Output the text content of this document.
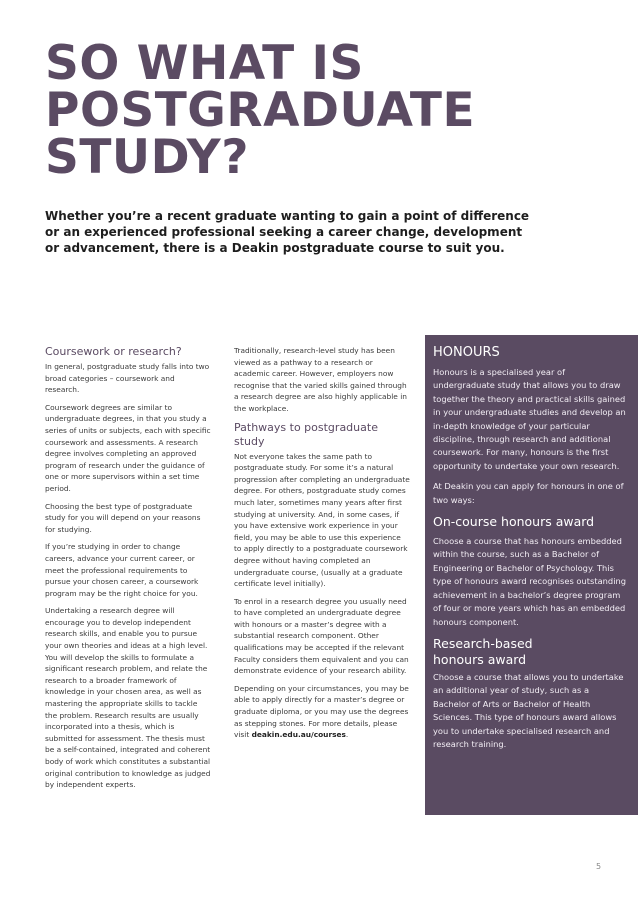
SO WHAT IS
POSTGRADUATE
STUDY?
Whether you’re a recent graduate wanting to gain a point of difference
or an experienced professional seeking a career change, development
or advancement, there is a Deakin postgraduate course to suit you.
Coursework or research?

In general, postgraduate study falls into two broad categories – coursework and research.

Coursework degrees are similar to undergraduate degrees, in that you study a series of units or subjects, each with specific coursework and assessments. A research degree involves completing an approved program of research under the guidance of one or more supervisors within a set time period.

Choosing the best type of postgraduate study for you will depend on your reasons for studying.

If you’re studying in order to change careers, advance your current career, or meet the professional requirements to pursue your chosen career, a coursework program may be the right choice for you.

Undertaking a research degree will encourage you to develop independent research skills, and enable you to pursue your own theories and ideas at a high level. You will develop the skills to formulate a significant research problem, and relate the research to a broader framework of knowledge in your chosen area, as well as mastering the appropriate skills to tackle the problem. Research results are usually incorporated into a thesis, which is submitted for assessment. The thesis must be a self-contained, integrated and coherent body of work which constitutes a substantial original contribution to knowledge as judged by independent experts.

Traditionally, research-level study has been viewed as a pathway to a research or academic career. However, employers now recognise that the varied skills gained through a research degree are also highly applicable in the workplace.

Pathways to postgraduate study

Not everyone takes the same path to postgraduate study. For some it’s a natural progression after completing an undergraduate degree. For others, postgraduate study comes much later, sometimes many years after first studying at university. And, in some cases, if you have extensive work experience in your field, you may be able to use this experience to apply directly to a postgraduate coursework degree without having completed an undergraduate course, (usually at a graduate certificate level initially).

To enrol in a research degree you usually need to have completed an undergraduate degree with honours or a master’s degree with a substantial research component. Other qualifications may be accepted if the relevant Faculty considers them equivalent and you can demonstrate evidence of your research ability.

Depending on your circumstances, you may be able to apply directly for a master’s degree or graduate diploma, or you may use the degrees as stepping stones. For more details, please visit deakin.edu.au/courses.

HONOURS

Honours is a specialised year of undergraduate study that allows you to draw together the theory and practical skills gained in your undergraduate studies and develop an in-depth knowledge of your particular discipline, through research and additional coursework. For many, honours is the first opportunity to undertake your own research.

At Deakin you can apply for honours in one of two ways:

On-course honours award

Choose a course that has honours embedded within the course, such as a Bachelor of Engineering or Bachelor of Psychology. This type of honours award recognises outstanding achievement in a bachelor’s degree program of four or more years which has an embedded honours component.

Research-based
honours award

Choose a course that allows you to undertake an additional year of study, such as a Bachelor of Arts or Bachelor of Health Sciences. This type of honours award allows you to undertake specialised research and research training.

5
